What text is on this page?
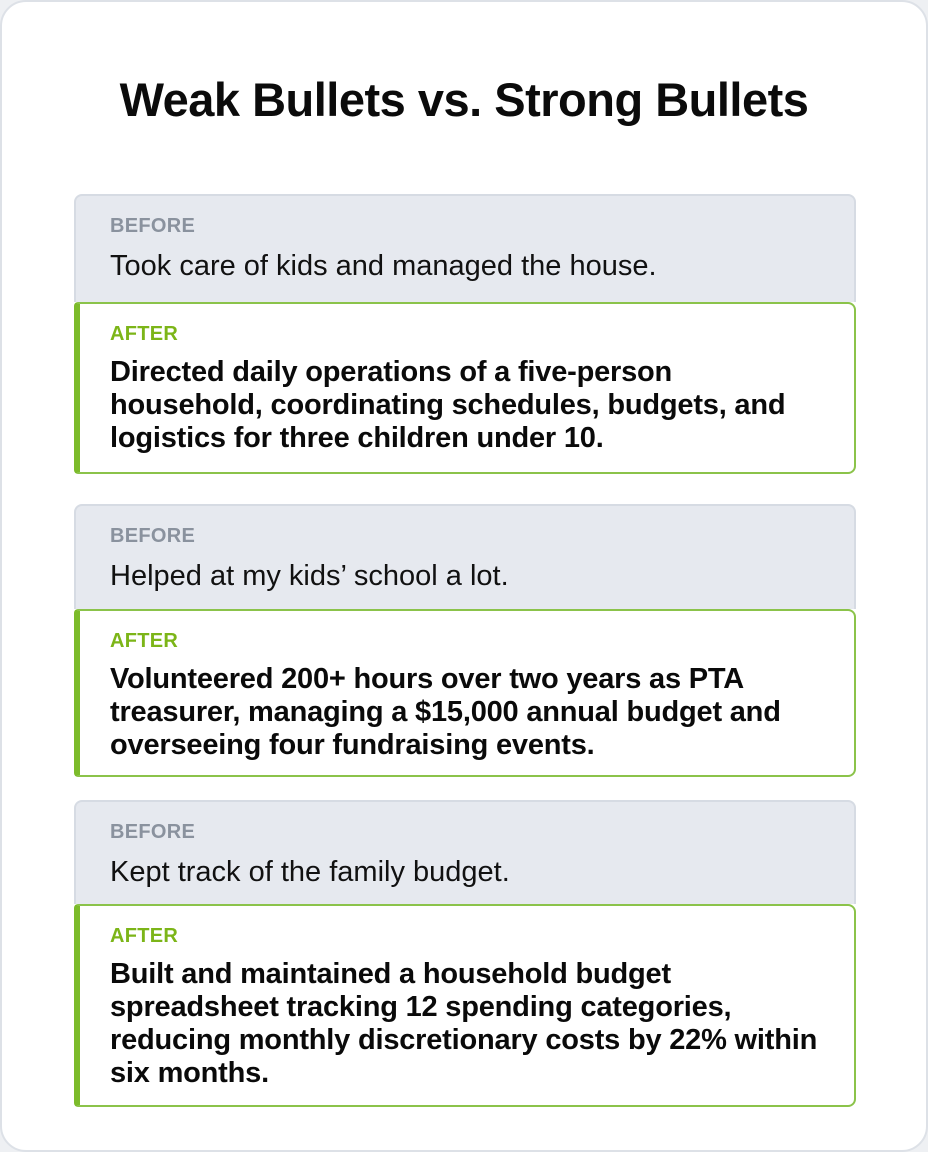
Weak Bullets vs. Strong Bullets
BEFORE
Took care of kids and managed the house.
AFTER
Directed daily operations of a five-person household, coordinating schedules, budgets, and logistics for three children under 10.
BEFORE
Helped at my kids’ school a lot.
AFTER
Volunteered 200+ hours over two years as PTA treasurer, managing a $15,000 annual budget and overseeing four fundraising events.
BEFORE
Kept track of the family budget.
AFTER
Built and maintained a household budget spreadsheet tracking 12 spending categories, reducing monthly discretionary costs by 22% within six months.
